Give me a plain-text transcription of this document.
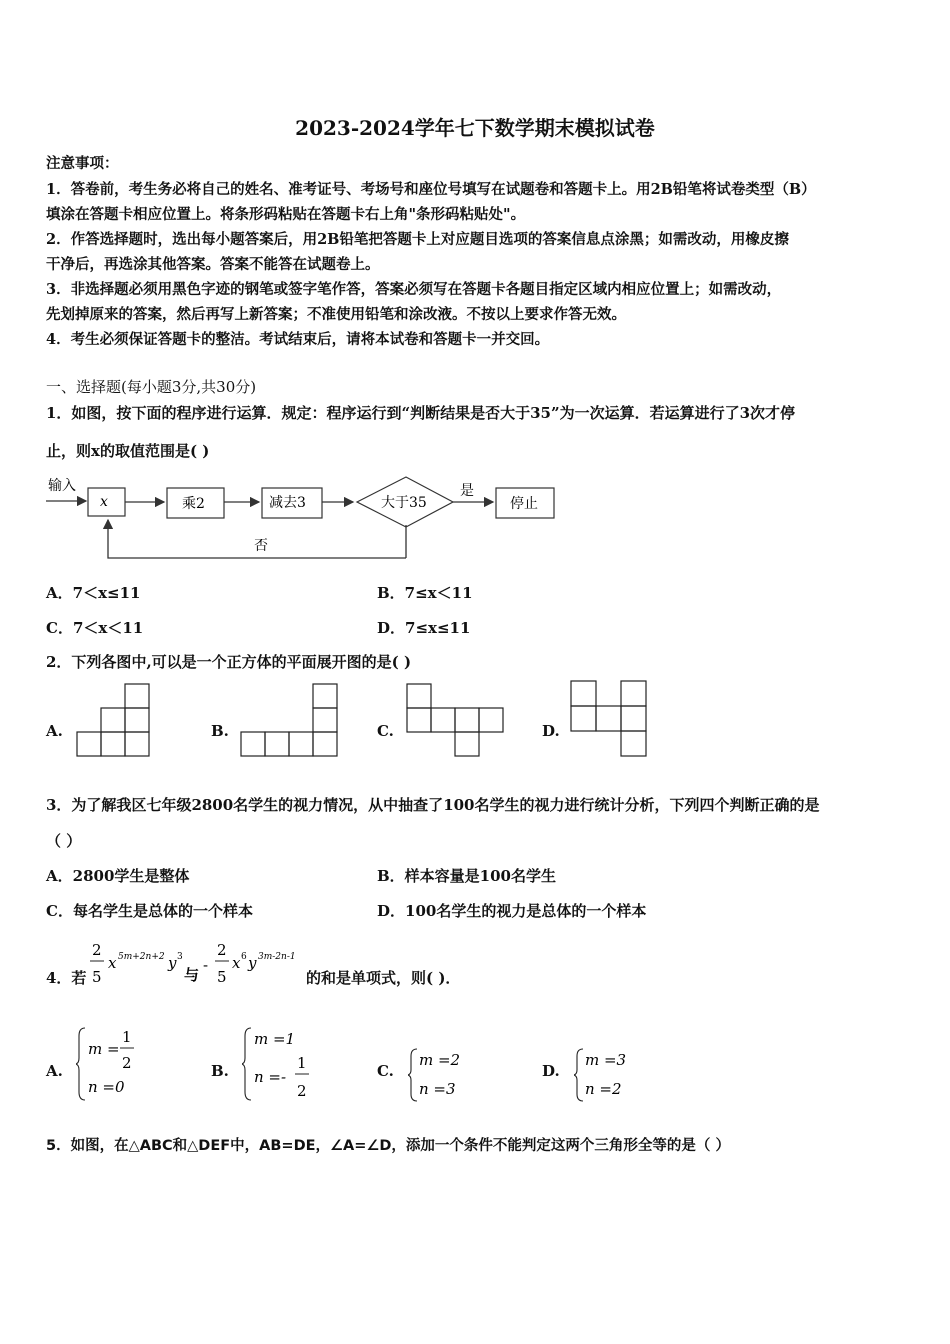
2023-2024学年七下数学期末模拟试卷
注意事项：
1．答卷前，考生务必将自己的姓名、准考证号、考场号和座位号填写在试题卷和答题卡上。用2B铅笔将试卷类型（B）
填涂在答题卡相应位置上。将条形码粘贴在答题卡右上角"条形码粘贴处"。
2．作答选择题时，选出每小题答案后，用2B铅笔把答题卡上对应题目选项的答案信息点涂黑；如需改动，用橡皮擦
干净后，再选涂其他答案。答案不能答在试题卷上。
3．非选择题必须用黑色字迹的钢笔或签字笔作答，答案必须写在答题卡各题目指定区域内相应位置上；如需改动，
先划掉原来的答案，然后再写上新答案；不准使用铅笔和涂改液。不按以上要求作答无效。
4．考生必须保证答题卡的整洁。考试结束后，请将本试卷和答题卡一并交回。
一、选择题(每小题3分,共30分)
1．如图，按下面的程序进行运算．规定：程序运行到“判断结果是否大于35”为一次运算．若运算进行了3次才停
止，则x的取值范围是( )
输入
x	乘2	减去3	大于35
是
停止
否
A．7＜x≤11	B．7≤x＜11
C．7＜x＜11	D．7≤x≤11
2．下列各图中,可以是一个正方体的平面展开图的是( )
A.	B.	C.	D.
3．为了解我区七年级2800名学生的视力情况，从中抽查了100名学生的视力进行统计分析，下列四个判断正确的是
（ ）
A．2800学生是整体	B．样本容量是100名学生
C．每名学生是总体的一个样本	D．100名学生的视力是总体的一个样本
4．若
2
5
x 5m+2n+2 y 3
与
-
2
5
x 6 y 3m-2n-1
的和是单项式，则( )．
A.
m =
1
2
n =0
B.
m =1
n =-
1
2
C.
m =2
n =3
D.
m =3
n =2
5．如图，在△ABC和△DEF中，AB=DE，∠A=∠D，添加一个条件不能判定这两个三角形全等的是（ ）
